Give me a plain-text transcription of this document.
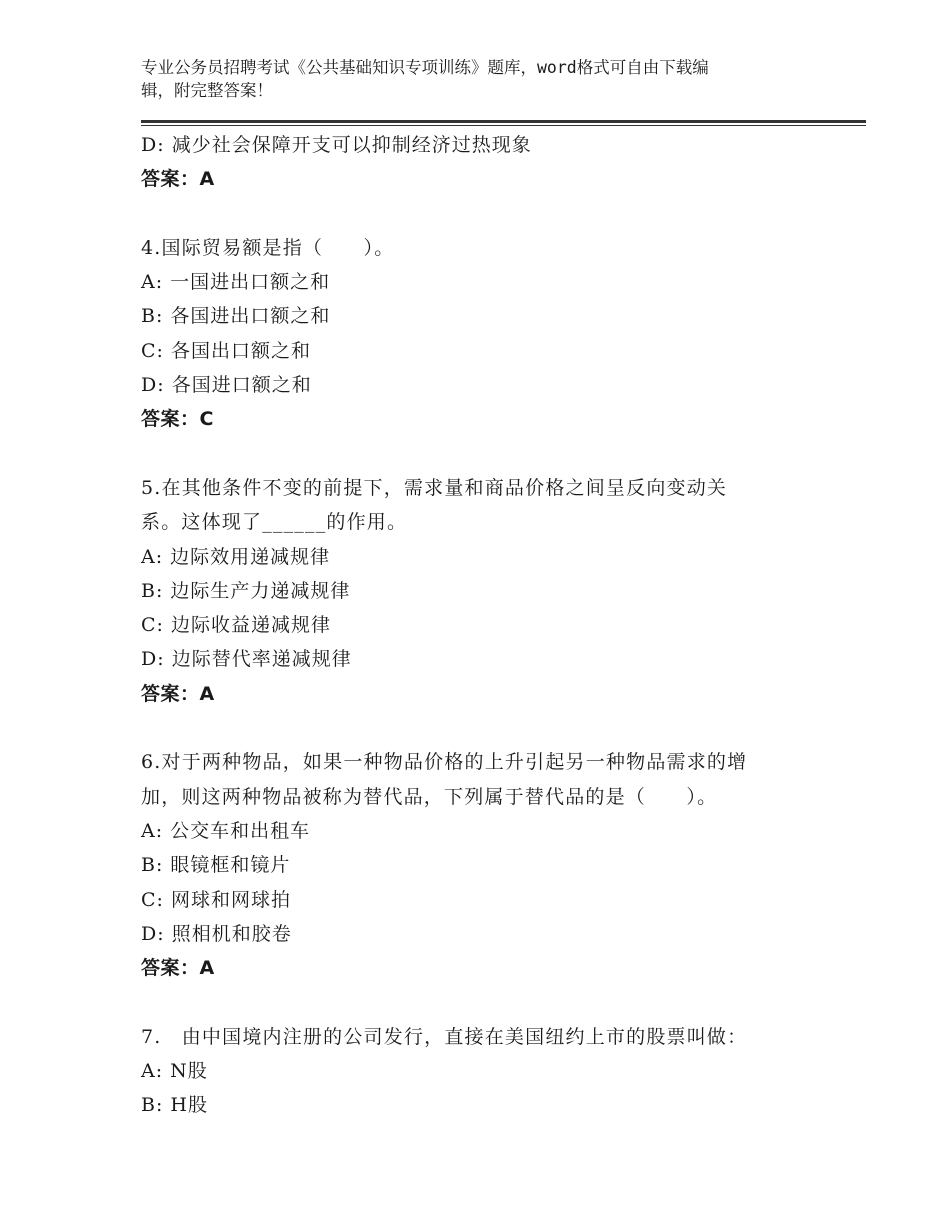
专业公务员招聘考试《公共基础知识专项训练》题库，word格式可自由下载编
辑，附完整答案！
D: 减少社会保障开支可以抑制经济过热现象
答案：A
4.国际贸易额是指（　　）。
A: 一国进出口额之和
B: 各国进出口额之和
C: 各国出口额之和
D: 各国进口额之和
答案：C
5.在其他条件不变的前提下，需求量和商品价格之间呈反向变动关
系。这体现了______的作用。
A: 边际效用递减规律
B: 边际生产力递减规律
C: 边际收益递减规律
D: 边际替代率递减规律
答案：A
6.对于两种物品，如果一种物品价格的上升引起另一种物品需求的增
加，则这两种物品被称为替代品，下列属于替代品的是（　　）。
A: 公交车和出租车
B: 眼镜框和镜片
C: 网球和网球拍
D: 照相机和胶卷
答案：A
7.　由中国境内注册的公司发行，直接在美国纽约上市的股票叫做：
A: N股
B: H股
